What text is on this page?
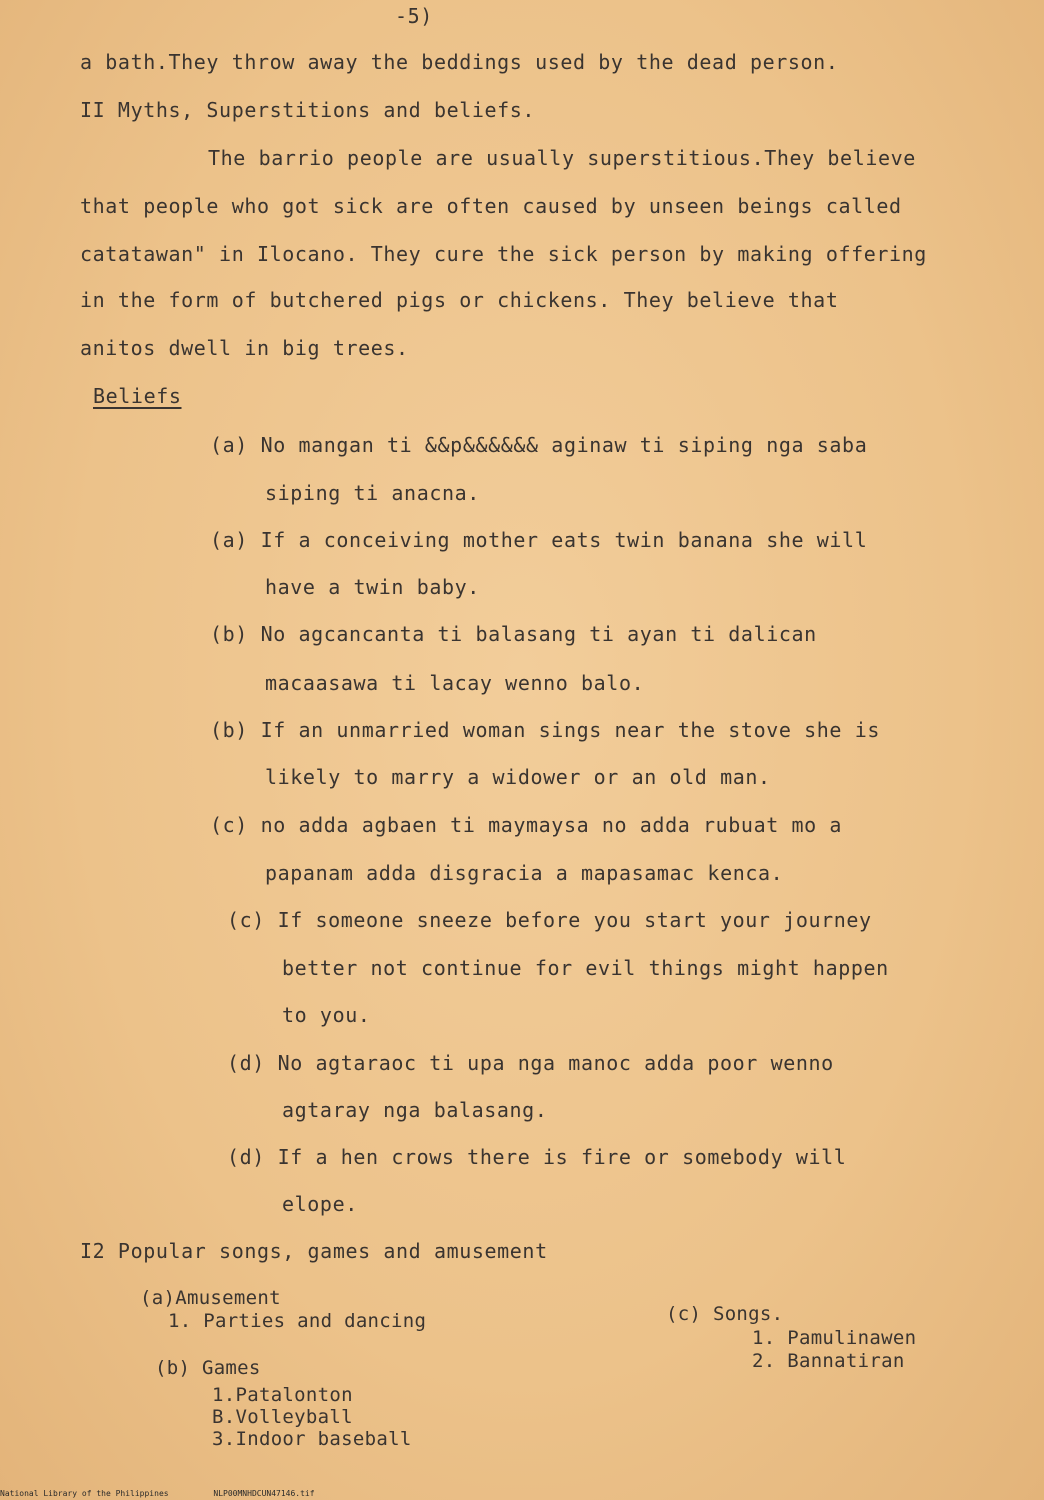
-5)
a bath.They throw away the beddings used by the dead person.
II Myths, Superstitions and beliefs.
The barrio people are usually superstitious.They believe
that people who got sick are often caused by unseen beings called
catatawan" in Ilocano. They cure the sick person by making offering
in the form of butchered pigs or chickens. They believe that
anitos dwell in big trees.
Beliefs
(a) No mangan ti &&p&&&&&& aginaw ti siping nga saba
siping ti anacna.
(a) If a conceiving mother eats twin banana she will
have a twin baby.
(b) No agcancanta ti balasang ti ayan ti dalican
macaasawa ti lacay wenno balo.
(b) If an unmarried woman sings near the stove she is
likely to marry a widower or an old man.
(c) no adda agbaen ti maymaysa no adda rubuat mo a
papanam adda disgracia a mapasamac kenca.
(c) If someone sneeze before you start your journey
better not continue for evil things might happen
to you.
(d) No agtaraoc ti upa nga manoc adda poor wenno
agtaray nga balasang.
(d) If a hen crows there is fire or somebody will
elope.
I2 Popular songs, games and amusement
(a)Amusement
1. Parties and dancing
(b) Games
1.Patalonton
B.Volleyball
3.Indoor baseball
(c) Songs.
1. Pamulinawen
2. Bannatiran
National Library of the Philippines	NLP00MNHDCUN47146.tif
